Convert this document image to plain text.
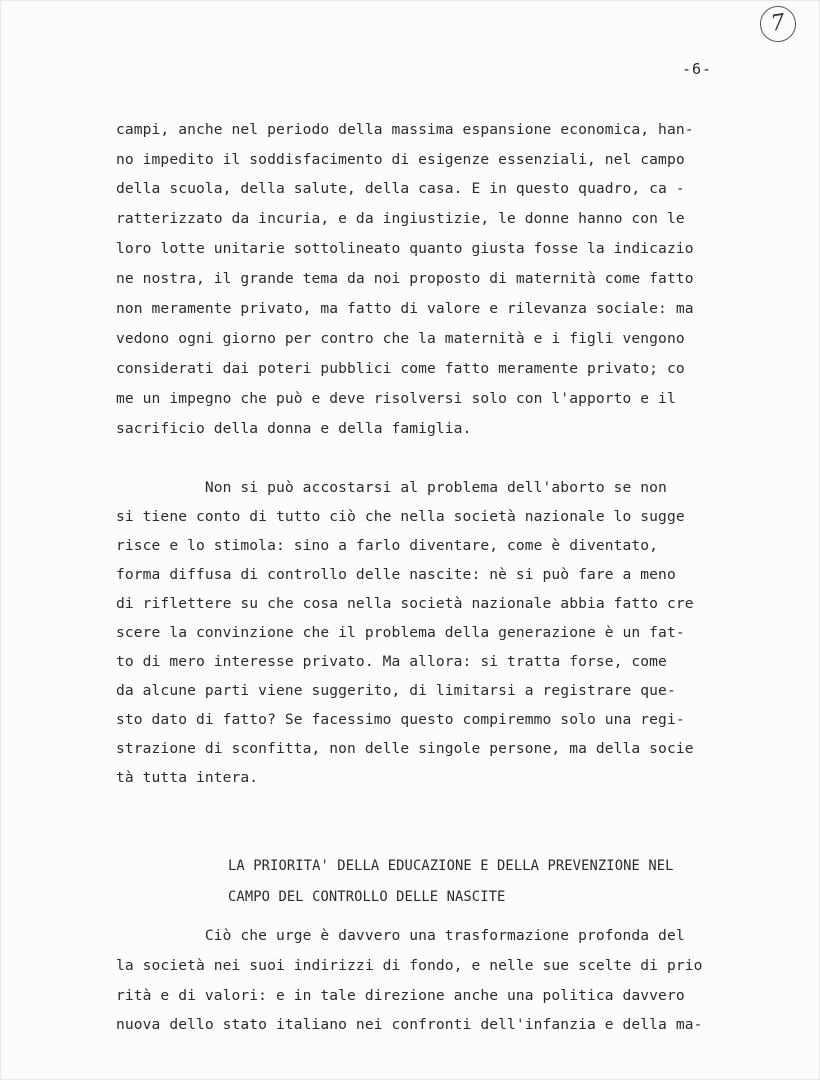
7
-6-
campi, anche nel periodo della massima espansione economica, han-
no impedito il soddisfacimento di esigenze essenziali, nel campo
della scuola, della salute, della casa. E in questo quadro, ca -
ratterizzato da incuria, e da ingiustizie, le donne hanno con le
loro lotte unitarie sottolineato quanto giusta fosse la indicazio
ne nostra, il grande tema da noi proposto di maternità come fatto
non meramente privato, ma fatto di valore e rilevanza sociale: ma
vedono ogni giorno per contro che la maternità e i figli vengono
considerati dai poteri pubblici come fatto meramente privato; co
me un impegno che può e deve risolversi solo con l'apporto e il
sacrificio della donna e della famiglia.
Non si può accostarsi al problema dell'aborto se non
si tiene conto di tutto ciò che nella società nazionale lo sugge
risce e lo stimola: sino a farlo diventare, come è diventato,
forma diffusa di controllo delle nascite: nè si può fare a meno
di riflettere su che cosa nella società nazionale abbia fatto cre
scere la convinzione che il problema della generazione è un fat-
to di mero interesse privato. Ma allora: si tratta forse, come
da alcune parti viene suggerito, di limitarsi a registrare que-
sto dato di fatto? Se facessimo questo compiremmo solo una regi-
strazione di sconfitta, non delle singole persone, ma della socie
tà tutta intera.
LA PRIORITA' DELLA EDUCAZIONE E DELLA PREVENZIONE NEL
CAMPO DEL CONTROLLO DELLE NASCITE
Ciò che urge è davvero una trasformazione profonda del
la società nei suoi indirizzi di fondo, e nelle sue scelte di prio
rità e di valori: e in tale direzione anche una politica davvero
nuova dello stato italiano nei confronti dell'infanzia e della ma-
